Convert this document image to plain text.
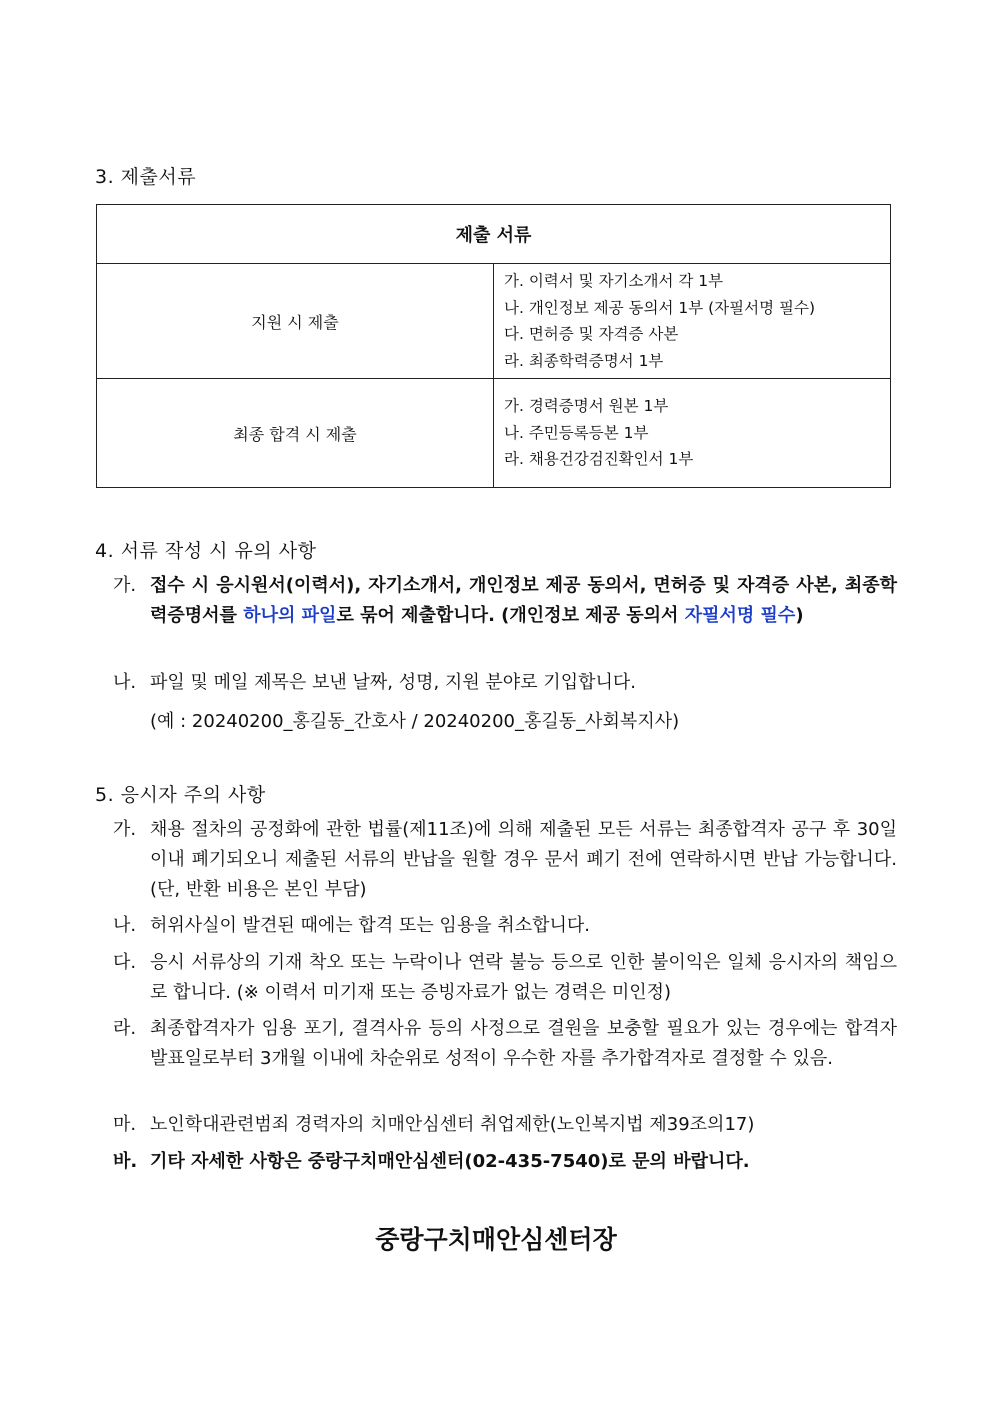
3. 제출서류
제출 서류	
지원 시 제출	가. 이력서 및 자기소개서 각 1부
나. 개인정보 제공 동의서 1부 (자필서명 필수)
다. 면허증 및 자격증 사본
라. 최종학력증명서 1부

최종 합격 시 제출	가. 경력증명서 원본 1부
나. 주민등록등본 1부
라. 채용건강검진확인서 1부
4. 서류 작성 시 유의 사항
가. 접수 시 응시원서(이력서), 자기소개서, 개인정보 제공 동의서, 면허증 및 자격증 사본, 최종학력증명서를 하나의 파일로 묶어 제출합니다. (개인정보 제공 동의서 자필서명 필수)
나. 파일 및 메일 제목은 보낸 날짜, 성명, 지원 분야로 기입합니다.
(예 : 20240200_홍길동_간호사 / 20240200_홍길동_사회복지사)
5. 응시자 주의 사항
가. 채용 절차의 공정화에 관한 법률(제11조)에 의해 제출된 모든 서류는 최종합격자 공구 후 30일 이내 폐기되오니 제출된 서류의 반납을 원할 경우 문서 폐기 전에 연락하시면 반납 가능합니다. (단, 반환 비용은 본인 부담)
나. 허위사실이 발견된 때에는 합격 또는 임용을 취소합니다.
다. 응시 서류상의 기재 착오 또는 누락이나 연락 불능 등으로 인한 불이익은 일체 응시자의 책임으로 합니다. (※ 이력서 미기재 또는 증빙자료가 없는 경력은 미인정)
라. 최종합격자가 임용 포기, 결격사유 등의 사정으로 결원을 보충할 필요가 있는 경우에는 합격자 발표일로부터 3개월 이내에 차순위로 성적이 우수한 자를 추가합격자로 결정할 수 있음.
마. 노인학대관련범죄 경력자의 치매안심센터 취업제한(노인복지법 제39조의17)
바. 기타 자세한 사항은 중랑구치매안심센터(02-435-7540)로 문의 바랍니다.
중랑구치매안심센터장
